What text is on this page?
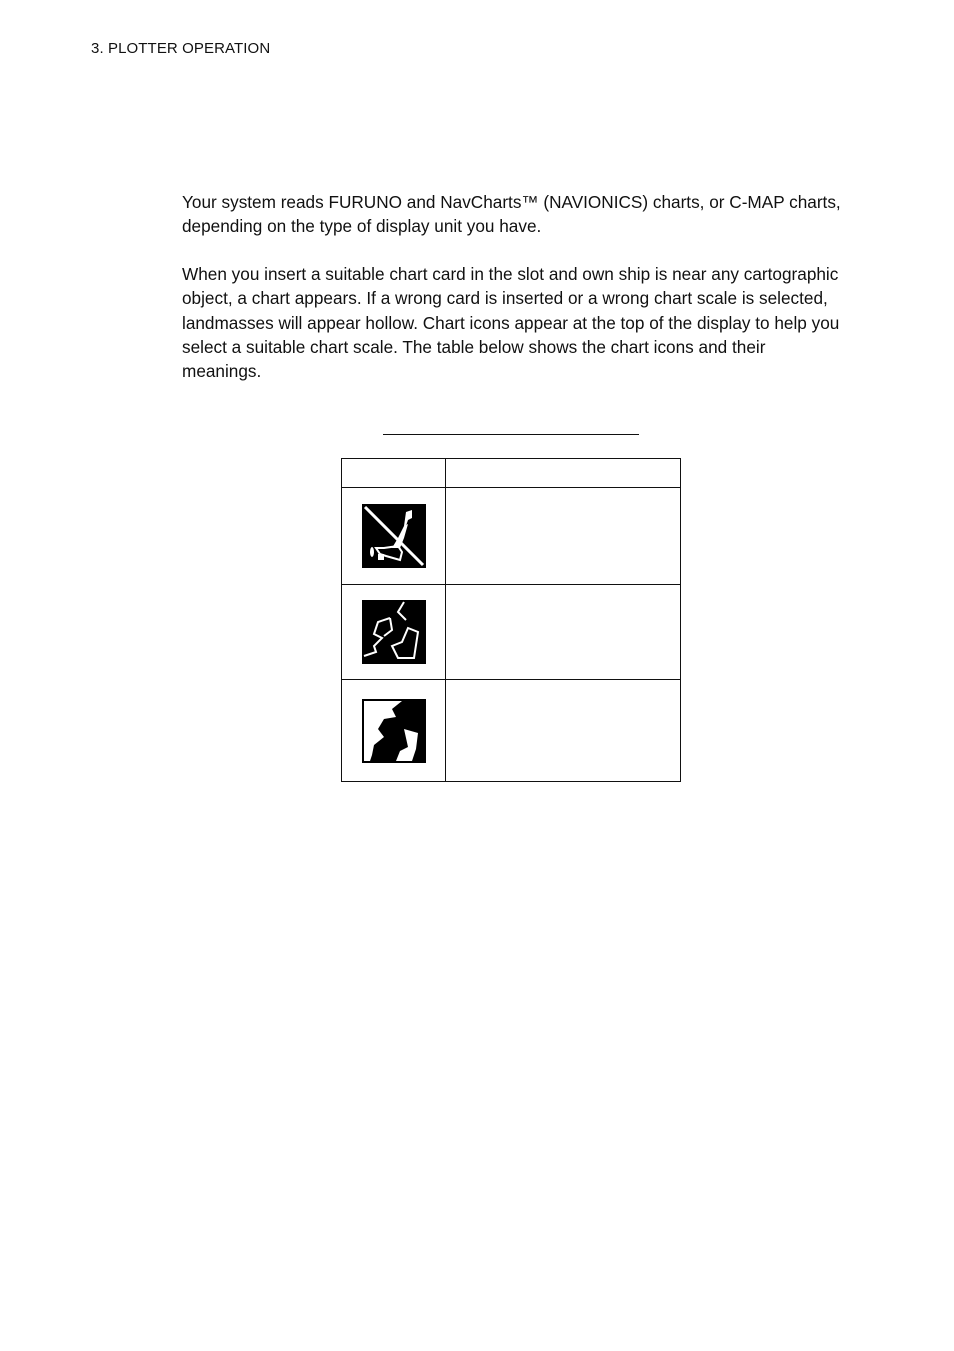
3. PLOTTER OPERATION

Your system reads FURUNO and NavCharts™ (NAVIONICS) charts, or C-MAP charts, depending on the type of display unit you have.

When you insert a suitable chart card in the slot and own ship is near any cartographic object, a chart appears. If a wrong card is inserted or a wrong chart scale is selected, landmasses will appear hollow. Chart icons appear at the top of the display to help you select a suitable chart scale. The table below shows the chart icons and their meanings.
